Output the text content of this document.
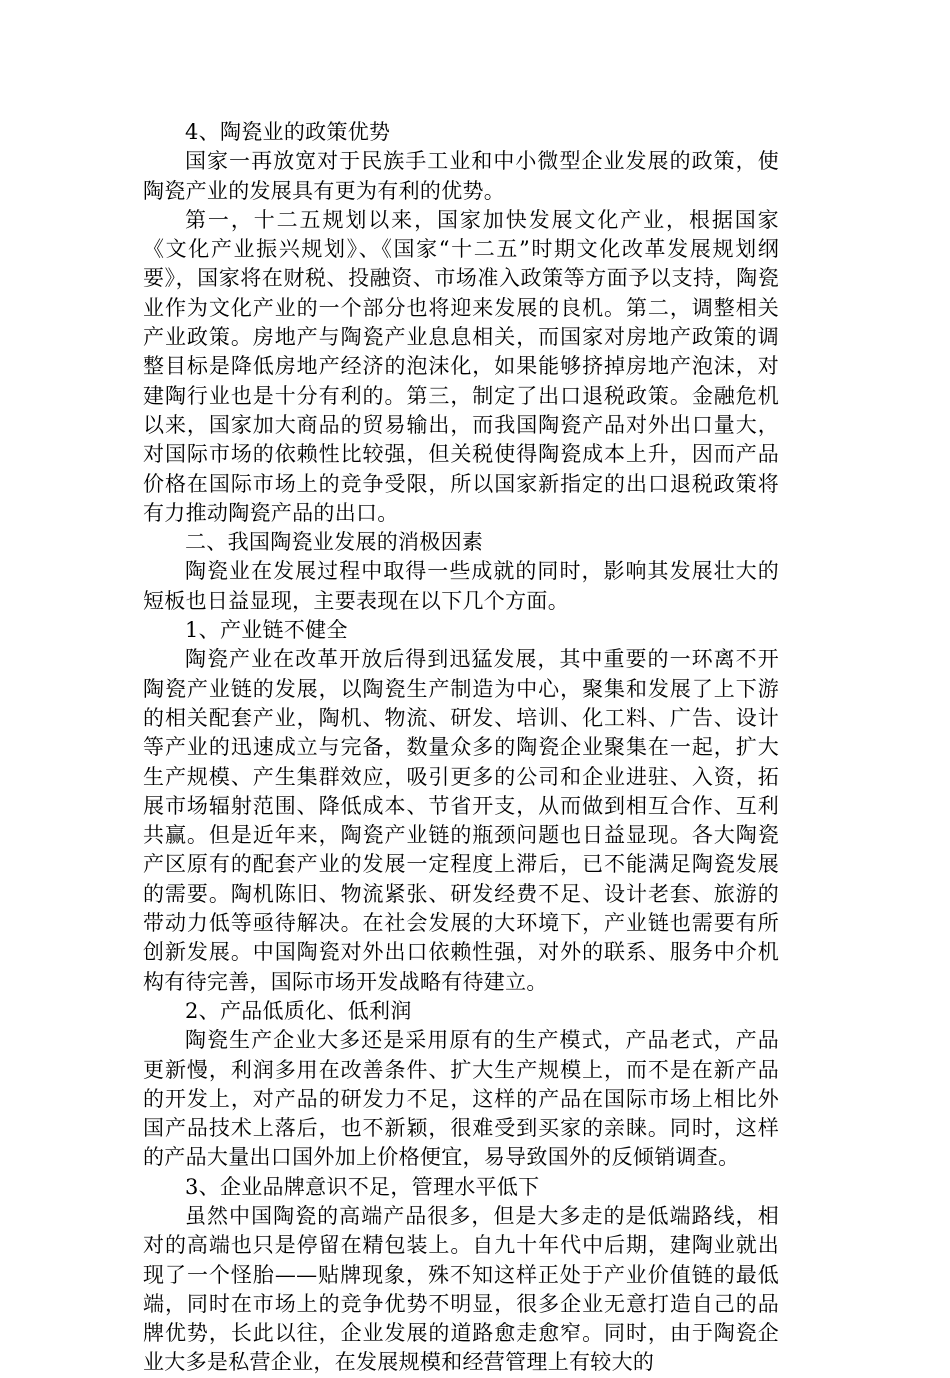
4、陶瓷业的政策优势

国家一再放宽对于民族手工业和中小微型企业发展的政策，使陶瓷产业的发展具有更为有利的优势。

第一，十二五规划以来，国家加快发展文化产业，根据国家《文化产业振兴规划》、《国家“十二五”时期文化改革发展规划纲要》，国家将在财税、投融资、市场准入政策等方面予以支持，陶瓷业作为文化产业的一个部分也将迎来发展的良机。第二，调整相关产业政策。房地产与陶瓷产业息息相关，而国家对房地产政策的调整目标是降低房地产经济的泡沫化，如果能够挤掉房地产泡沫，对建陶行业也是十分有利的。第三，制定了出口退税政策。金融危机以来，国家加大商品的贸易输出，而我国陶瓷产品对外出口量大，对国际市场的依赖性比较强，但关税使得陶瓷成本上升，因而产品价格在国际市场上的竞争受限，所以国家新指定的出口退税政策将有力推动陶瓷产品的出口。

二、我国陶瓷业发展的消极因素

陶瓷业在发展过程中取得一些成就的同时，影响其发展壮大的短板也日益显现，主要表现在以下几个方面。

1、产业链不健全

陶瓷产业在改革开放后得到迅猛发展，其中重要的一环离不开陶瓷产业链的发展，以陶瓷生产制造为中心，聚集和发展了上下游的相关配套产业，陶机、物流、研发、培训、化工料、广告、设计等产业的迅速成立与完备，数量众多的陶瓷企业聚集在一起，扩大生产规模、产生集群效应，吸引更多的公司和企业进驻、入资，拓展市场辐射范围、降低成本、节省开支，从而做到相互合作、互利共赢。但是近年来，陶瓷产业链的瓶颈问题也日益显现。各大陶瓷产区原有的配套产业的发展一定程度上滞后，已不能满足陶瓷发展的需要。陶机陈旧、物流紧张、研发经费不足、设计老套、旅游的带动力低等亟待解决。在社会发展的大环境下，产业链也需要有所创新发展。中国陶瓷对外出口依赖性强，对外的联系、服务中介机构有待完善，国际市场开发战略有待建立。

2、产品低质化、低利润

陶瓷生产企业大多还是采用原有的生产模式，产品老式，产品更新慢，利润多用在改善条件、扩大生产规模上，而不是在新产品的开发上，对产品的研发力不足，这样的产品在国际市场上相比外国产品技术上落后，也不新颖，很难受到买家的亲睐。同时，这样的产品大量出口国外加上价格便宜，易导致国外的反倾销调查。

3、企业品牌意识不足，管理水平低下

虽然中国陶瓷的高端产品很多，但是大多走的是低端路线，相对的高端也只是停留在精包装上。自九十年代中后期，建陶业就出现了一个怪胎——贴牌现象，殊不知这样正处于产业价值链的最低端，同时在市场上的竞争优势不明显，很多企业无意打造自己的品牌优势，长此以往，企业发展的道路愈走愈窄。同时，由于陶瓷企业大多是私营企业，在发展规模和经营管理上有较大的
